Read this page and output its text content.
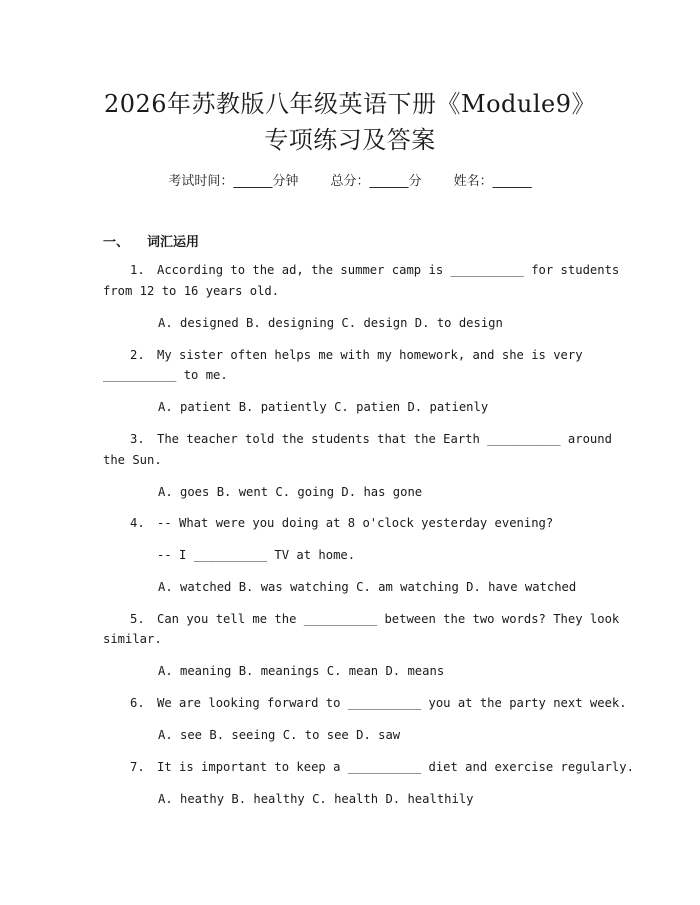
2026年苏教版八年级英语下册《Module9》
专项练习及答案
考试时间：______分钟 总分：______分 姓名：______
一、 词汇运用
1. According to the ad, the summer camp is __________ for students
from 12 to 16 years old.
A. designed B. designing C. design D. to design
2. My sister often helps me with my homework, and she is very
__________ to me.
A. patient B. patiently C. patien D. patienly
3. The teacher told the students that the Earth __________ around
the Sun.
A. goes B. went C. going D. has gone
4. -- What were you doing at 8 o'clock yesterday evening?
-- I __________ TV at home.
A. watched B. was watching C. am watching D. have watched
5. Can you tell me the __________ between the two words? They look
similar.
A. meaning B. meanings C. mean D. means
6. We are looking forward to __________ you at the party next week.
A. see B. seeing C. to see D. saw
7. It is important to keep a __________ diet and exercise regularly.
A. heathy B. healthy C. health D. healthily
